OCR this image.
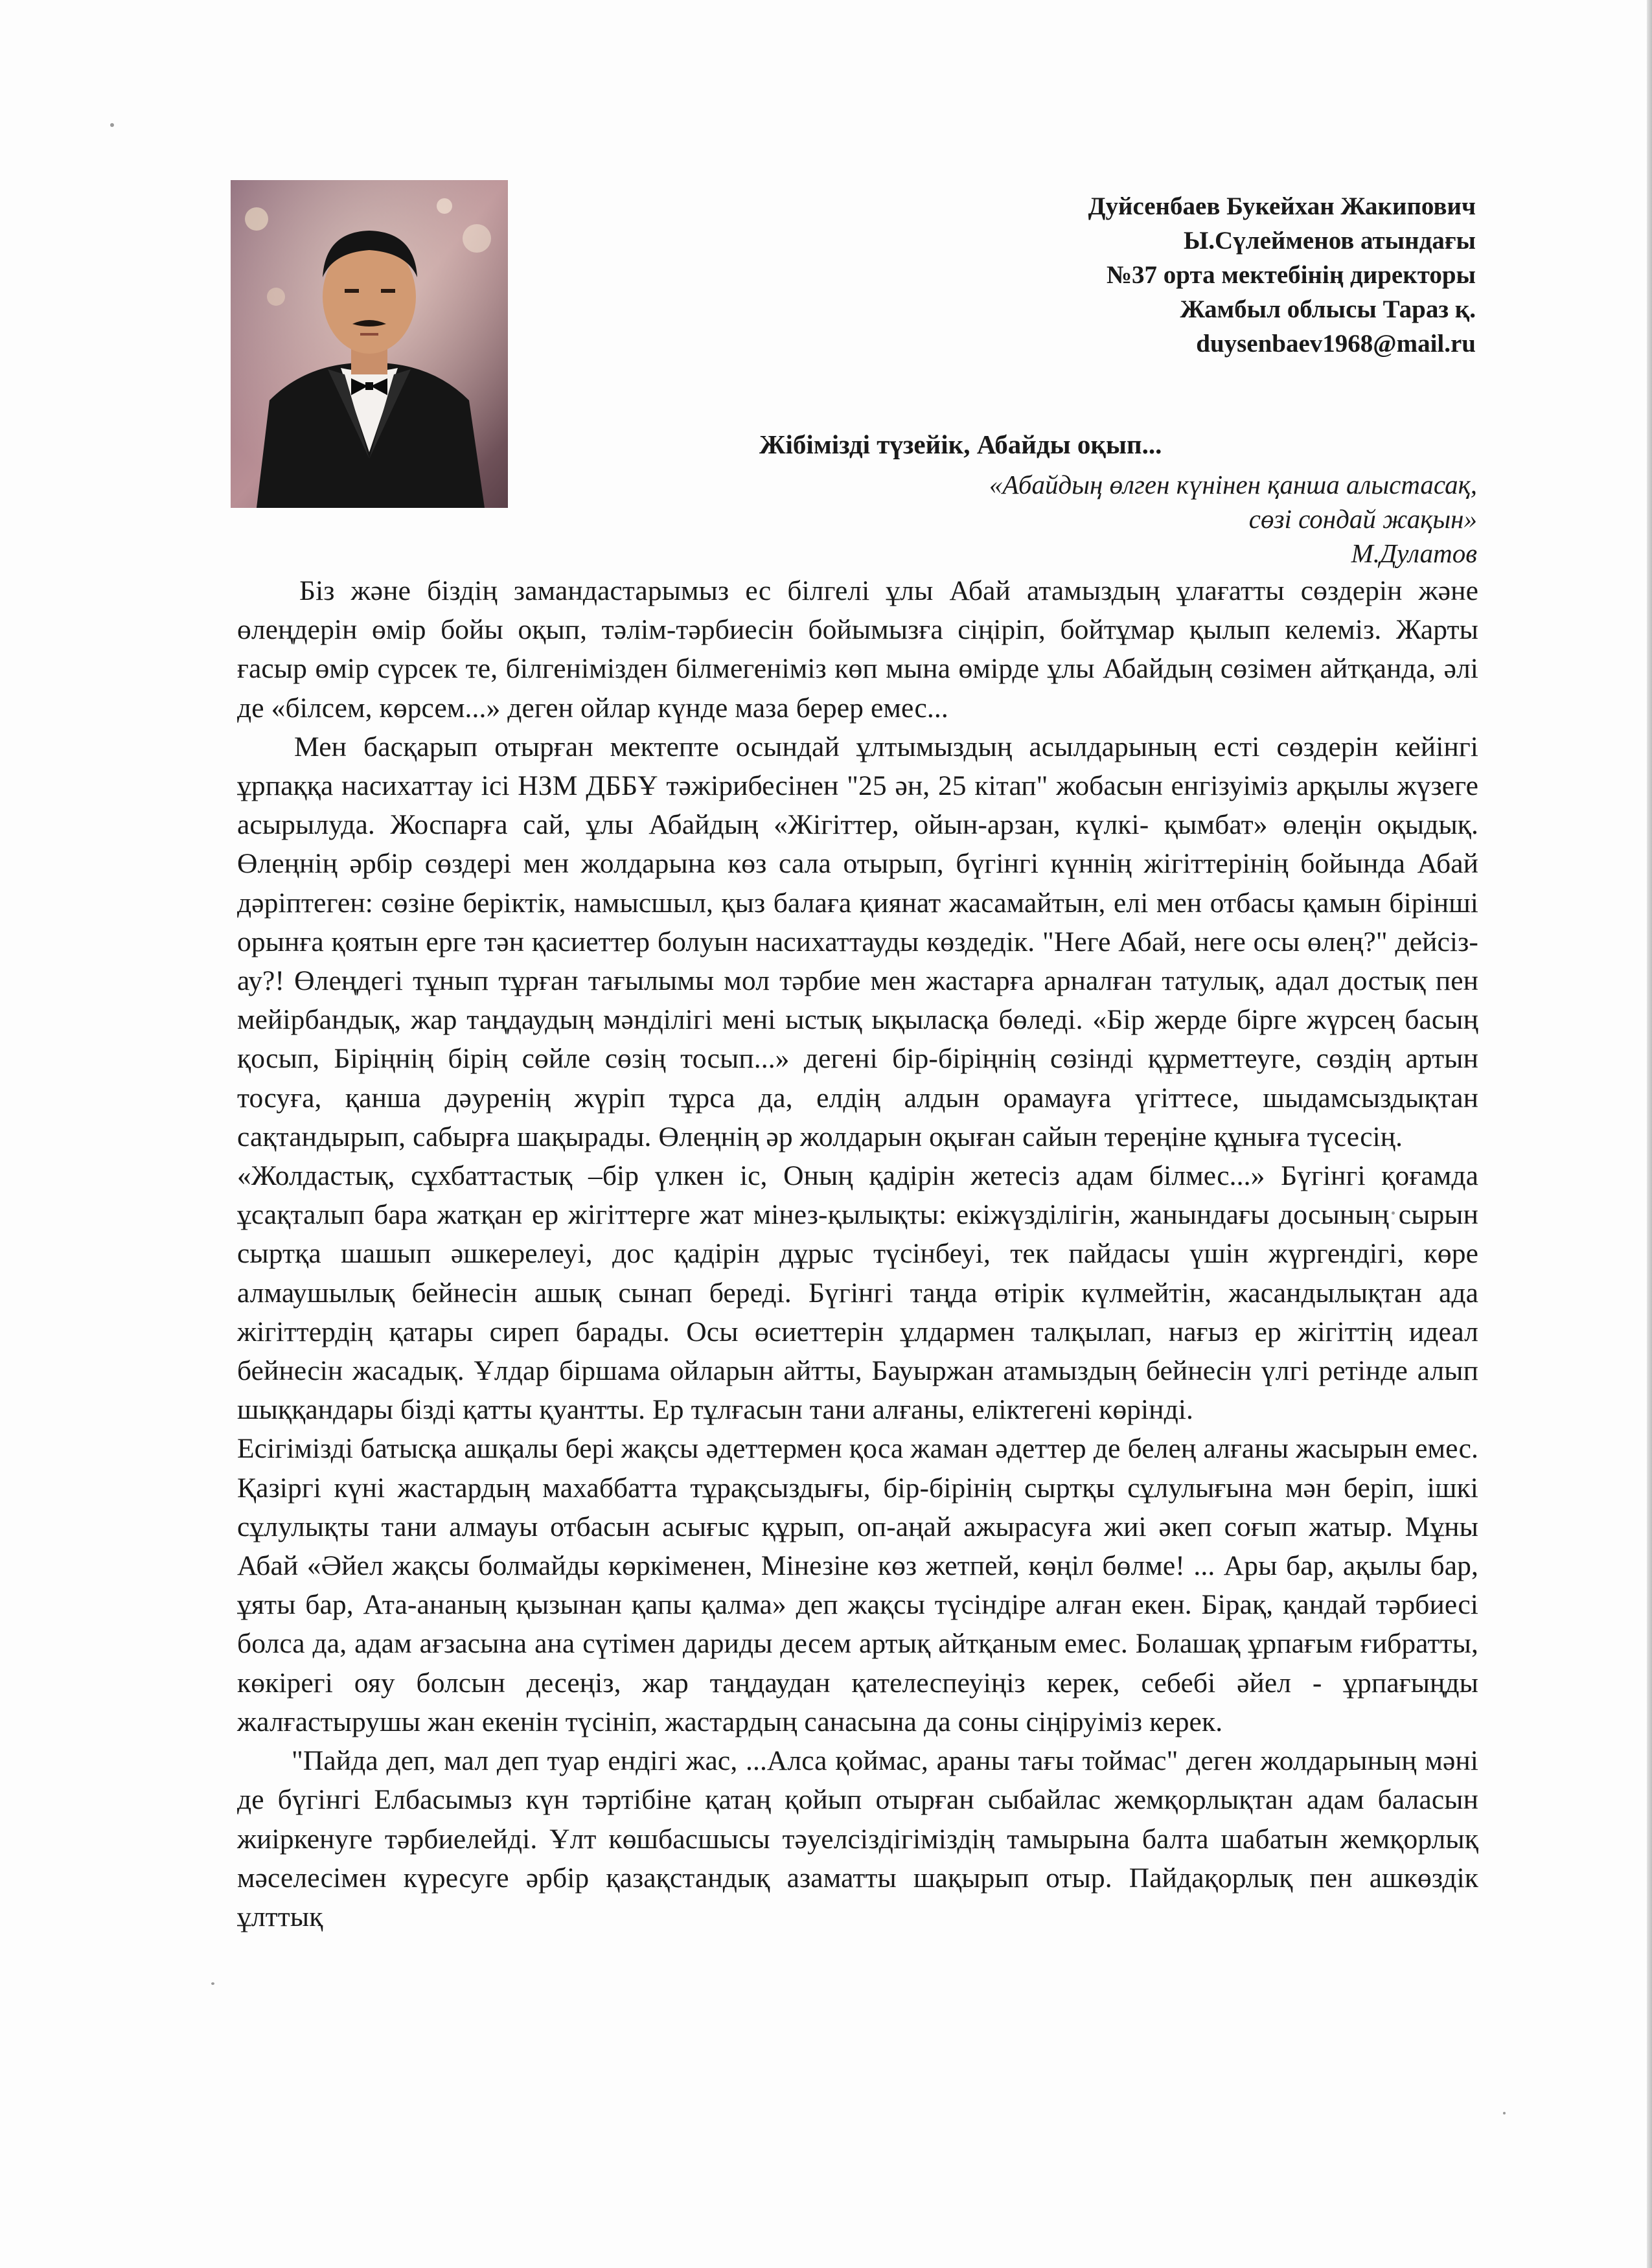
Дуйсенбаев Букейхан Жакипович
Ы.Сүлейменов атындағы
№37 орта мектебінің директоры
Жамбыл облысы Тараз қ.
duysenbaev1968@mail.ru
Жібімізді түзейік, Абайды оқып...
«Абайдың өлген күнінен қанша алыстасақ,
сөзі сондай жақын»
М.Дулатов

Біз және біздің замандастарымыз ес білгелі ұлы Абай атамыздың ұлағатты сөздерін және өлеңдерін өмір бойы оқып, тәлім-тәрбиесін бойымызға сіңіріп, бойтұмар қылып келеміз. Жарты ғасыр өмір сүрсек те, білгенімізден білмегеніміз көп мына өмірде ұлы Абайдың сөзімен айтқанда, әлі де «білсем, көрсем...» деген ойлар күнде маза берер емес...

Мен басқарып отырған мектепте осындай ұлтымыздың асылдарының есті сөздерін кейінгі ұрпаққа насихаттау ісі НЗМ ДББҰ тәжірибесінен "25 ән, 25 кітап" жобасын енгізуіміз арқылы жүзеге асырылуда. Жоспарға сай, ұлы Абайдың «Жігіттер, ойын-арзан, күлкі- қымбат» өлеңін оқыдық. Өлеңнің әрбір сөздері мен жолдарына көз сала отырып, бүгінгі күннің жігіттерінің бойында Абай дәріптеген: сөзіне беріктік, намысшыл, қыз балаға қиянат жасамайтын, елі мен отбасы қамын бірінші орынға қоятын ерге тән қасиеттер болуын насихаттауды көздедік. "Неге Абай, неге осы өлең?" дейсіз-ау?! Өлеңдегі тұнып тұрған тағылымы мол тәрбие мен жастарға арналған татулық, адал достық пен мейірбандық, жар таңдаудың мәнділігі мені ыстық ықыласқа бөледі. «Бір жерде бірге жүрсең басың қосып, Біріңнің бірің сөйле сөзің тосып...» дегені бір-біріңнің сөзінді құрметтеуге, сөздің артын тосуға, қанша дәуренің жүріп тұрса да, елдің алдын орамауға үгіттесе, шыдамсыздықтан сақтандырып, сабырға шақырады. Өлеңнің әр жолдарын оқыған сайын тереңіне құныға түсесің.

«Жолдастық, сұхбаттастық –бір үлкен іс, Оның қадірін жетесіз адам білмес...» Бүгінгі қоғамда ұсақталып бара жатқан ер жігіттерге жат мінез-қылықты: екіжүзділігін, жанындағы досының сырын сыртқа шашып әшкерелеуі, дос қадірін дұрыс түсінбеуі, тек пайдасы үшін жүргендігі, көре алмаушылық бейнесін ашық сынап береді. Бүгінгі таңда өтірік күлмейтін, жасандылықтан ада жігіттердің қатары сиреп барады. Осы өсиеттерін ұлдармен талқылап, нағыз ер жігіттің идеал бейнесін жасадық. Ұлдар біршама ойларын айтты, Бауыржан атамыздың бейнесін үлгі ретінде алып шыққандары бізді қатты қуантты. Ер тұлғасын тани алғаны, еліктегені көрінді.

Есігімізді батысқа ашқалы бері жақсы әдеттермен қоса жаман әдеттер де белең алғаны жасырын емес. Қазіргі күні жастардың махаббатта тұрақсыздығы, бір-бірінің сыртқы сұлулығына мән беріп, ішкі сұлулықты тани алмауы отбасын асығыс құрып, оп-аңай ажырасуға жиі әкеп соғып жатыр. Мұны Абай «Әйел жақсы болмайды көркіменен, Мінезіне көз жетпей, көңіл бөлме! ... Ары бар, ақылы бар, ұяты бар, Ата-ананың қызынан қапы қалма» деп жақсы түсіндіре алған екен. Бірақ, қандай тәрбиесі болса да, адам ағзасына ана сүтімен дариды десем артық айтқаным емес. Болашақ ұрпағым ғибратты, көкірегі ояу болсын десеңіз, жар таңдаудан қателеспеуіңіз керек, себебі әйел - ұрпағыңды жалғастырушы жан екенін түсініп, жастардың санасына да соны сіңіруіміз керек.

"Пайда деп, мал деп туар ендігі жас, ...Алса қоймас, араны тағы тоймас" деген жолдарының мәні де бүгінгі Елбасымыз күн тәртібіне қатаң қойып отырған сыбайлас жемқорлықтан адам баласын жиіркенуге тәрбиелейді. Ұлт көшбасшысы тәуелсіздігіміздің тамырына балта шабатын жемқорлық мәселесімен күресуге әрбір қазақстандық азаматты шақырып отыр. Пайдақорлық пен ашкөздік ұлттық
